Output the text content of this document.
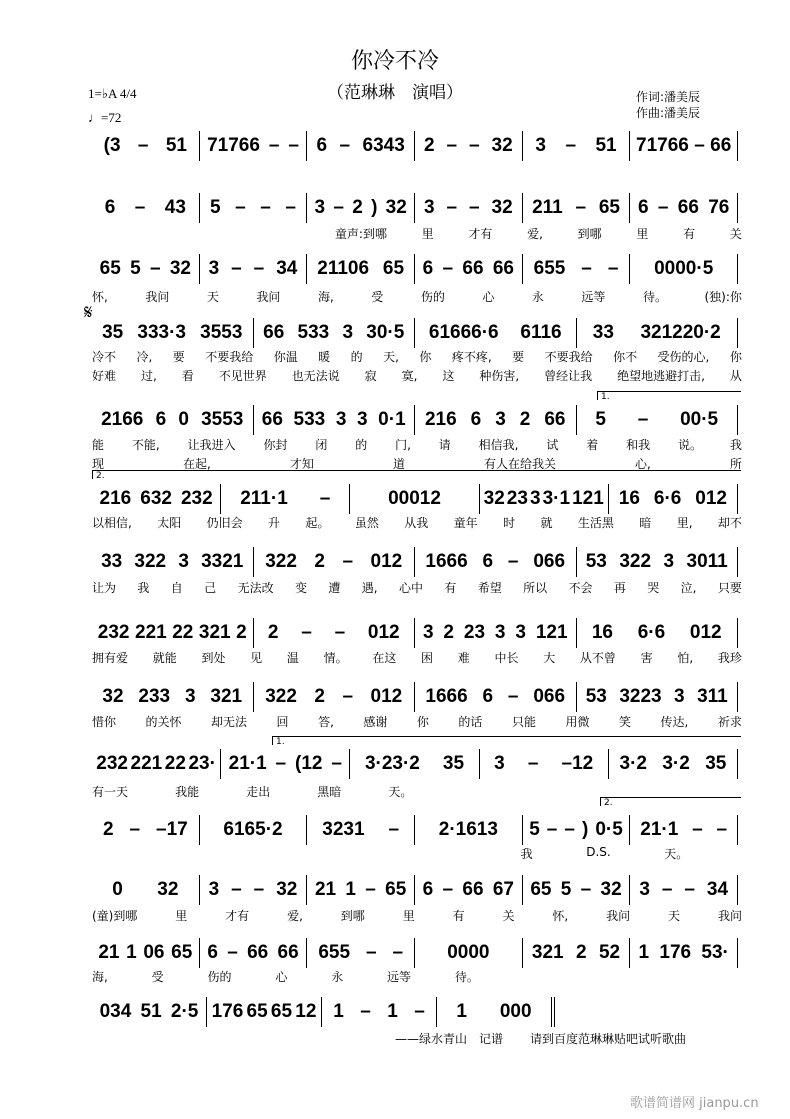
你冷不冷
（范琳琳　演唱）
1=♭A 4/4
♩=72
作词:潘美辰
作曲:潘美辰
𝄋
1.
2.
1.
2.
(3 – 51 71766 – – 6 – 6343 2 – – 32 3 – 51 71766 – 66
6 – 43 5 – – – 3 – 2 ) 32 3 – – 32 211 – 65 6 – 66 76
童声:到哪	里	才有	爱,	到哪	里	有	关
65 5 – 32 3 – – 34 21106 65 6 – 66 66 655 – – 0000·5
怀,	我问	天	我问	海,	受	伤的	心	永	远等	待。	(独):你
35 333·3 3553 66 533 3 30·5 61666·6 6116 33 321220·2
冷不 冷, 要 不要我给 你温 暖 的 天, 你 疼不疼, 要 不要我给 你不 受伤的心, 你
好难 过, 看 不见世界 也无法说 寂 寞, 这 种伤害, 曾经让我 绝望地逃避打击, 从
2166 6 0 3553 66 533 3 3 0·1 216 6 3 2 66 5 – 00·5
能 不能, 让我进入 你封 闭 的 门, 请 相信我, 试 着 和我 说。 我
现	在起,	才知	道	有人在给我关	心,	所
216 632 232 211·1 –	00012 32 23 3 3·1 121 16 6·6 012
以相信, 太阳 仍旧会 升 起。 虽然 从我 童年 时 就 生活黑 暗 里, 却不
33 322 3 3321 322 2 – 012 1666 6 – 066 53 322 3 3011
让为 我 自 己 无法改 变 遭 遇, 心中 有 希望 所以 不会 再 哭 泣, 只要
232 221 22 321 2 2 – – 012 3 2 23 3 3 121 16 6·6 012
拥有爱 就能 到处 见 温 情。 在这 困 难 中长 大 从不曾 害 怕, 我珍
32 233 3 321 322 2 – 012 1666 6 – 066 53 3223 3 311
惜你 的关怀 却无法 回 答, 感谢 你 的话 只能 用微 笑 传达, 祈求
232 221 22 23· 21·1 – (12 – 3·23·2 35 3 – –12 3·2 3·2 35
有一天	我能	走出	黑暗	天。
2 – –17 6165·2 3231 – 2·1613 5 – – ) 0·5 21·1 – –
我	D.S.	天。
0 32 3 – – 32 21 1 – 65 6 – 66 67 65 5 – 32 3 – – 34
(童)到哪	里	才有	爱,	到哪	里	有	关	怀,	我问	天	我问
21 1 06 65 6 – 66 66 655 – – 0000 321 2 52 1 176 53·
海,	受	伤的	心	永	远等	待。
034 51 2·5 176 65 65 12 1 – 1 – 1 000
——绿水青山　记谱 请到百度范琳琳贴吧试听歌曲
歌谱简谱网 jianpu.cn
